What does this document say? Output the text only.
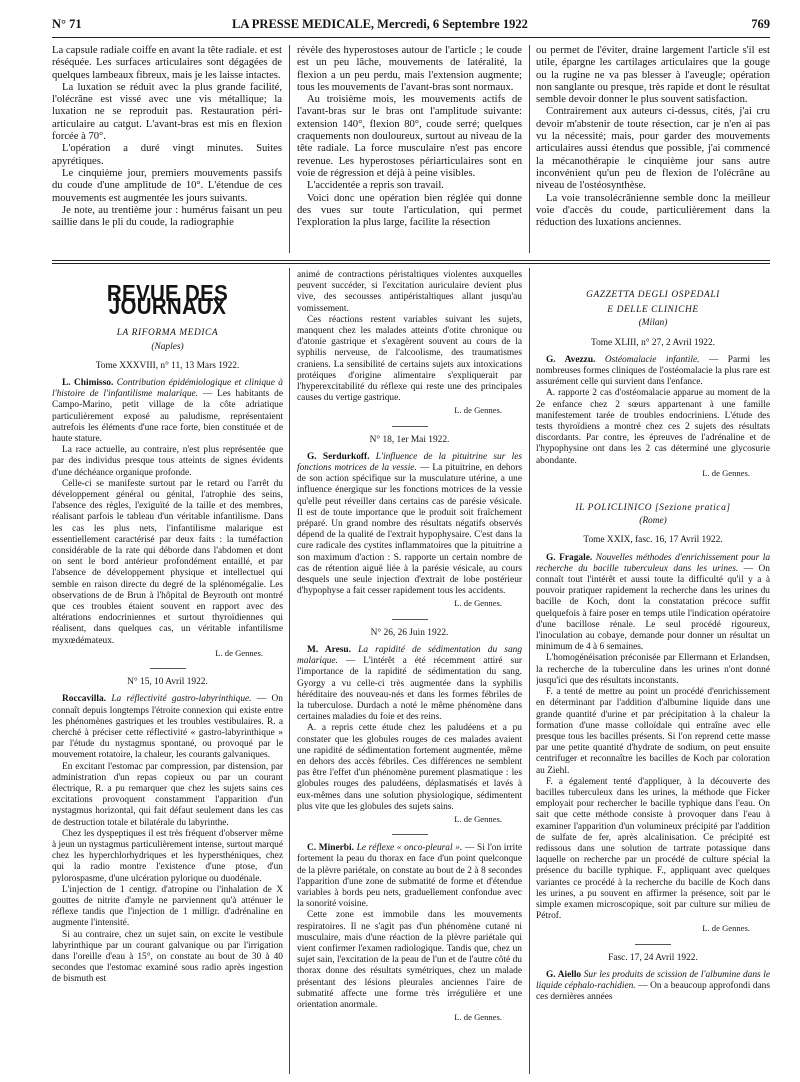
N° 71	LA PRESSE MEDICALE, Mercredi, 6 Septembre 1922	769

La capsule radiale coiffe en avant la tête radiale. et est réséquée. Les surfaces articulaires sont dégagées de quelques lambeaux fibreux, mais je les laisse intactes.

La luxation se réduit avec la plus grande facilité, l'olécrâne est vissé avec une vis métallique; la luxation ne se reproduit pas. Restauration péri-articulaire au catgut. L'avant-bras est mis en flexion forcée à 70°.

L'opération a duré vingt minutes. Suites apyrétiques.

Le cinquième jour, premiers mouvements passifs du coude d'une amplitude de 10°. L'étendue de ces mouvements est augmentée les jours suivants.

Je note, au trentième jour : humérus faisant un peu saillie dans le pli du coude, la radiographie

révèle des hyperostoses autour de l'article ; le coude est un peu lâche, mouvements de latéralité, la flexion a un peu perdu, mais l'extension augmente; tous les mouvements de l'avant-bras sont normaux.

Au troisième mois, les mouvements actifs de l'avant-bras sur le bras ont l'amplitude suivante: extension 140°, flexion 80°, coude serré; quelques craquements non douloureux, surtout au niveau de la tête radiale. La force musculaire n'est pas encore revenue. Les hyperostoses périarticulaires sont en voie de régression et déjà à peine visibles.

L'accidentée a repris son travail.

Voici donc une opération bien réglée qui donne des vues sur toute l'articulation, qui permet l'exploration la plus large, facilite la résection

ou permet de l'éviter, draine largement l'article s'il est utile, épargne les cartilages articulaires que la gouge ou la rugine ne va pas blesser à l'aveugle; opération non sanglante ou presque, très rapide et dont le résultat semble devoir donner le plus souvent satisfaction.

Contrairement aux auteurs ci-dessus, cités, j'ai cru devoir m'abstenir de toute résection, car je n'en ai pas vu la nécessité; mais, pour garder des mouvements articulaires aussi étendus que possible, j'ai commencé la mécanothérapie le cinquième jour sans autre inconvénient qu'un peu de flexion de l'olécrâne au niveau de l'ostéosynthèse.

La voie transolécrânienne semble donc la meilleur voie d'accès du coude, particulièrement dans la réduction des luxations anciennes.

REVUE DES JOURNAUX
LA RIFORMA MEDICA
(Naples)
Tome XXXVIII, n° 11, 13 Mars 1922.

L. Chimisso. Contribution épidémiologique et clinique à l'histoire de l'infantilisme malarique. — Les habitants de Campo-Marino, petit village de la côte adriatique particulièrement exposé au paludisme, représentaient autrefois les éléments d'une race forte, bien constituée et de haute stature.

La race actuelle, au contraire, n'est plus représentée que par des individus presque tous atteints de signes évidents d'une déchéance organique profonde.

Celle-ci se manifeste surtout par le retard ou l'arrêt du développement général ou génital, l'atrophie des seins, l'absence des règles, l'exiguïté de la taille et des membres, réalisant parfois le tableau d'un véritable infantilisme. Dans les cas les plus nets, l'infantilisme malarique est essentiellement caractérisé par deux faits : la tuméfaction considérable de la rate qui déborde dans l'abdomen et dont on sent le bord antérieur profondément entaillé, et par l'absence de développement physique et intellectuel qui semble en raison directe du degré de la splénomégalie. Les observations de de Brun à l'hôpital de Beyrouth ont montré que ces troubles étaient souvent en rapport avec des altérations endocriniennes et surtout thyroïdiennes qui réalisent, dans quelques cas, un véritable infantilisme myxœdémateux.

L. de Gennes.
N° 15, 10 Avril 1922.

Roccavilla. La réflectivité gastro-labyrinthique. — On connaît depuis longtemps l'étroite connexion qui existe entre les phénomènes gastriques et les troubles vestibulaires. R. a cherché à préciser cette réflectivité « gastro-labyrinthique » par l'étude du nystagmus spontané, ou provoqué par le mouvement rotatoire, la chaleur, les courants galvaniques.

En excitant l'estomac par compression, par distension, par administration d'un repas copieux ou par un courant électrique, R. a pu remarquer que chez les sujets sains ces excitations provoquent constamment l'apparition d'un nystagmus horizontal, qui fait défaut seulement dans les cas de destruction totale et bilatérale du labyrinthe.

Chez les dyspeptiques il est très fréquent d'observer même à jeun un nystagmus particulièrement intense, surtout marqué chez les hyperchlorhydriques et les hypersthéniques, chez qui la radio montre l'existence d'une ptose, d'un pylorospasme, d'une ulcération pylorique ou duodénale.

L'injection de 1 centigr. d'atropine ou l'inhalation de X gouttes de nitrite d'amyle ne parviennent qu'à atténuer le réflexe tandis que l'injection de 1 milligr. d'adrénaline en augmente l'intensité.

Si au contraire, chez un sujet sain, on excite le vestibule labyrinthique par un courant galvanique ou par l'irrigation dans l'oreille d'eau à 15°, on constate au bout de 30 à 40 secondes que l'estomac examiné sous radio après ingestion de bismuth est

animé de contractions péristaltiques violentes auxquelles peuvent succéder, si l'excitation auriculaire devient plus vive, des secousses antipéristaltiques allant jusqu'au vomissement.

Ces réactions restent variables suivant les sujets, manquent chez les malades atteints d'otite chronique ou d'atonie gastrique et s'exagèrent souvent au cours de la syphilis nerveuse, de l'alcoolisme, des traumatismes craniens. La sensibilité de certains sujets aux intoxications protéiques d'origine alimentaire s'expliquerait par l'hyperexcitabilité du réflexe qui reste une des principales causes du vertige gastrique.

L. de Gennes.
N° 18, 1er Mai 1922.

G. Serdurkoff. L'influence de la pituitrine sur les fonctions motrices de la vessie. — La pituitrine, en dehors de son action spécifique sur la musculature utérine, a une influence énergique sur les fonctions motrices de la vessie qu'elle peut réveiller dans certains cas de parésie vésicale. Il est de toute importance que le produit soit fraîchement préparé. Un grand nombre des résultats négatifs observés dépend de la qualité de l'extrait hypophysaire. C'est dans la cure radicale des cystites inflammatoires que la pituitrine a son maximum d'action : S. rapporte un certain nombre de cas de rétention aiguë liée à la parésie vésicale, au cours desquels une seule injection d'extrait de lobe postérieur d'hypophyse a fait cesser rapidement tous les accidents.

L. de Gennes.
N° 26, 26 Juin 1922.

M. Aresu. La rapidité de sédimentation du sang malarique. — L'intérêt a été récemment attiré sur l'importance de la rapidité de sédimentation du sang. Gyorgy a vu celle-ci très augmentée dans la syphilis héréditaire des nouveau-nés et dans les formes fébriles de la tuberculose. Durdach a noté le même phénomène dans certaines maladies du foie et des reins.

A. a repris cette étude chez les paludéens et a pu constater que les globules rouges de ces malades avaient une rapidité de sédimentation fortement augmentée, même en dehors des accès fébriles. Ces différences ne semblent pas être l'effet d'un phénomène purement plasmatique : les globules rouges des paludéens, déplasmatisés et lavés à eux-mêmes dans une solution physiologique, sédimentent plus vite que les globules des sujets sains.

L. de Gennes.

C. Minerbi. Le réflexe « onco-pleural ». — Si l'on irrite fortement la peau du thorax en face d'un point quelconque de la plèvre pariétale, on constate au bout de 2 à 8 secondes l'apparition d'une zone de submatité de forme et d'étendue variables à bords peu nets, graduellement confondue avec la sonorité voisine.

Cette zone est immobile dans les mouvements respiratoires. Il ne s'agit pas d'un phénomène cutané ni musculaire, mais d'une réaction de la plèvre pariétale qui vient confirmer l'examen radiologique. Tandis que, chez un sujet sain, l'excitation de la peau de l'un et de l'autre côté du thorax donne des résultats symétriques, chez un malade présentant des lésions pleurales anciennes l'aire de submatité affecte une forme très irrégulière et une orientation anormale.

L. de Gennes.
GAZZETTA DEGLI OSPEDALI
E DELLE CLINICHE
(Milan)
Tome XLIII, n° 27, 2 Avril 1922.

G. Avezzu. Ostéomalacie infantile. — Parmi les nombreuses formes cliniques de l'ostéomalacie la plus rare est assurément celle qui survient dans l'enfance.

A. rapporte 2 cas d'ostéomalacie apparue au moment de la 2e enfance chez 2 sœurs appartenant à une famille manifestement tarée de troubles endocriniens. L'étude des tests thyroïdiens a montré chez ces 2 sujets des résultats discordants. Par contre, les épreuves de l'adrénaline et de l'hypophysine ont dans les 2 cas déterminé une glycosurie abondante.

L. de Gennes.
IL POLICLINICO [Sezione pratica]
(Rome)
Tome XXIX, fasc. 16, 17 Avril 1922.

G. Fragale. Nouvelles méthodes d'enrichissement pour la recherche du bacille tuberculeux dans les urines. — On connaît tout l'intérêt et aussi toute la difficulté qu'il y a à pouvoir pratiquer rapidement la recherche dans les urines du bacille de Koch, dont la constatation précoce suffit quelquefois à faire poser en temps utile l'indication opératoire d'une bacillose rénale. Le seul procédé rigoureux, l'inoculation au cobaye, demande pour donner un résultat un minimum de 4 à 6 semaines.

L'homogénéisation préconisée par Ellermann et Erlandsen, la recherche de la tuberculine dans les urines n'ont donné jusqu'ici que des résultats inconstants.

F. a tenté de mettre au point un procédé d'enrichissement en déterminant par l'addition d'albumine liquide dans une grande quantité d'urine et par précipitation à la chaleur la formation d'une masse colloïdale qui entraîne avec elle presque tous les bacilles présents. Si l'on reprend cette masse par une petite quantité d'hydrate de sodium, on peut ensuite centrifuger et reconnaître les bacilles de Koch par coloration au Ziehl.

F. a également tenté d'appliquer, à la découverte des bacilles tuberculeux dans les urines, la méthode que Ficker employait pour rechercher le bacille typhique dans l'eau. On sait que cette méthode consiste à provoquer dans l'eau à examiner l'apparition d'un volumineux précipité par l'addition de sulfate de fer, après alcalinisation. Ce précipité est redissous dans une solution de tartrate potassique dans laquelle on recherche par un procédé de culture spécial la présence du bacille typhique. F., appliquant avec quelques variantes ce procédé à la recherche du bacille de Koch dans les urines, a pu souvent en affirmer la présence, soit par le simple examen microscopique, soit par culture sur milieu de Pétrof.

L. de Gennes.
Fasc. 17, 24 Avril 1922.

G. Aiello Sur les produits de scission de l'albumine dans le liquide céphalo-rachidien. — On a beaucoup approfondi dans ces dernières années
